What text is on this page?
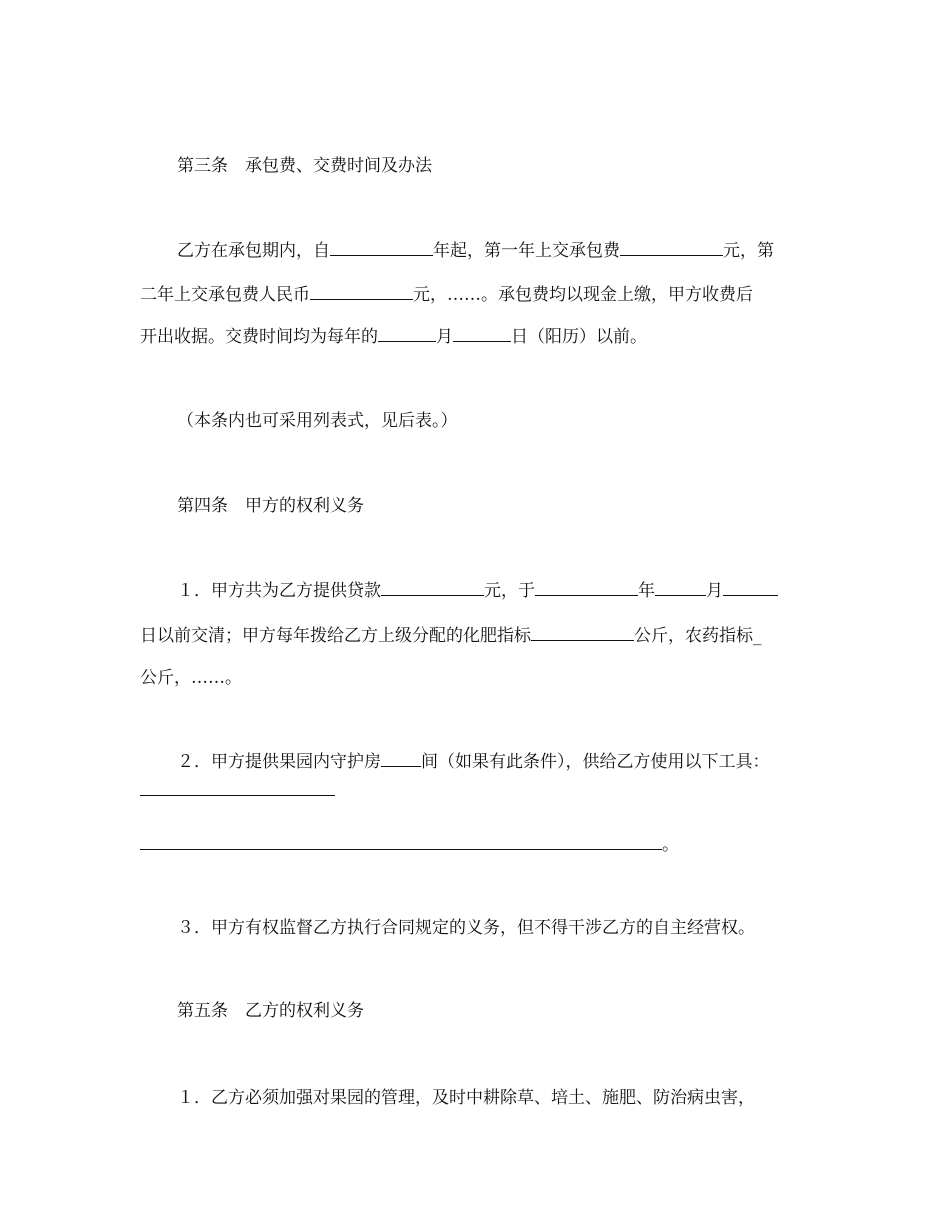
第三条　承包费、交费时间及办法
乙方在承包期内，自	年起，第一年上交承包费	元，第
二年上交承包费人民币	元，……。承包费均以现金上缴，甲方收费后
开出收据。交费时间均为每年的	月	日（阳历）以前。
（本条内也可采用列表式，见后表。）
第四条　甲方的权利义务
１．甲方共为乙方提供贷款	元，于	年	月
日以前交清；甲方每年拨给乙方上级分配的化肥指标	公斤，农药指标_
公斤，……。
２．甲方提供果园内守护房 间（如果有此条件），供给乙方使用以下工具：
。
３．甲方有权监督乙方执行合同规定的义务，但不得干涉乙方的自主经营权。
第五条　乙方的权利义务
１．乙方必须加强对果园的管理，及时中耕除草、培土、施肥、防治病虫害，
